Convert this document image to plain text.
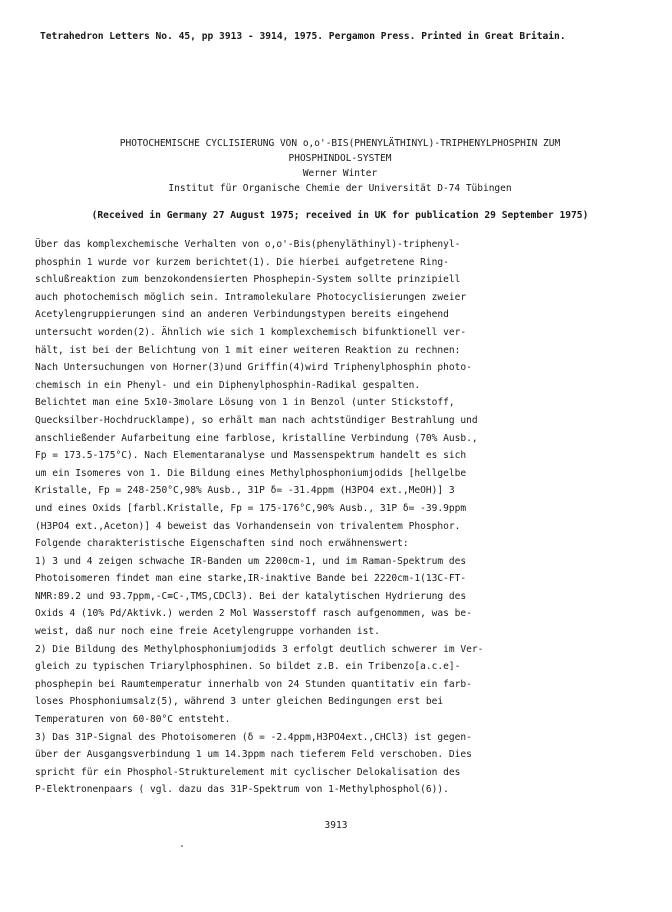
Tetrahedron Letters No. 45, pp 3913 - 3914, 1975. Pergamon Press. Printed in Great Britain.
PHOTOCHEMISCHE CYCLISIERUNG VON o,o'-BIS(PHENYLÄTHINYL)-TRIPHENYLPHOSPHIN ZUM
PHOSPHINDOL-SYSTEM
Werner Winter
Institut für Organische Chemie der Universität D-74 Tübingen
(Received in Germany 27 August 1975; received in UK for publication 29 September 1975)
Über das komplexchemische Verhalten von o,o'-Bis(phenyläthinyl)-triphenyl-
phosphin 1 wurde vor kurzem berichtet(1). Die hierbei aufgetretene Ring-
schlußreaktion zum benzokondensierten Phosphepin-System sollte prinzipiell
auch photochemisch möglich sein. Intramolekulare Photocyclisierungen zweier
Acetylengruppierungen sind an anderen Verbindungstypen bereits eingehend
untersucht worden(2). Ähnlich wie sich 1 komplexchemisch bifunktionell ver-
hält, ist bei der Belichtung von 1 mit einer weiteren Reaktion zu rechnen:
Nach Untersuchungen von Horner(3)und Griffin(4)wird Triphenylphosphin photo-
chemisch in ein Phenyl- und ein Diphenylphosphin-Radikal gespalten.
Belichtet man eine 5x10-3molare Lösung von 1 in Benzol (unter Stickstoff,
Quecksilber-Hochdrucklampe), so erhält man nach achtstündiger Bestrahlung und
anschließender Aufarbeitung eine farblose, kristalline Verbindung (70% Ausb.,
Fp = 173.5-175°C). Nach Elementaranalyse und Massenspektrum handelt es sich
um ein Isomeres von 1. Die Bildung eines Methylphosphoniumjodids [hellgelbe
Kristalle, Fp = 248-250°C,98% Ausb., 31P δ= -31.4ppm (H3PO4 ext.,MeOH)] 3
und eines Oxids [farbl.Kristalle, Fp = 175-176°C,90% Ausb., 31P δ= -39.9ppm
(H3PO4 ext.,Aceton)] 4 beweist das Vorhandensein von trivalentem Phosphor.
Folgende charakteristische Eigenschaften sind noch erwähnenswert:
1) 3 und 4 zeigen schwache IR-Banden um 2200cm-1, und im Raman-Spektrum des
Photoisomeren findet man eine starke,IR-inaktive Bande bei 2220cm-1(13C-FT-
NMR:89.2 und 93.7ppm,-C≡C-,TMS,CDCl3). Bei der katalytischen Hydrierung des
Oxids 4 (10% Pd/Aktivk.) werden 2 Mol Wasserstoff rasch aufgenommen, was be-
weist, daß nur noch eine freie Acetylengruppe vorhanden ist.
2) Die Bildung des Methylphosphoniumjodids 3 erfolgt deutlich schwerer im Ver-
gleich zu typischen Triarylphosphinen. So bildet z.B. ein Tribenzo[a.c.e]-
phosphepin bei Raumtemperatur innerhalb von 24 Stunden quantitativ ein farb-
loses Phosphoniumsalz(5), während 3 unter gleichen Bedingungen erst bei
Temperaturen von 60-80°C entsteht.
3) Das 31P-Signal des Photoisomeren (δ = -2.4ppm,H3PO4ext.,CHCl3) ist gegen-
über der Ausgangsverbindung 1 um 14.3ppm nach tieferem Feld verschoben. Dies
spricht für ein Phosphol-Strukturelement mit cyclischer Delokalisation des
P-Elektronenpaars ( vgl. dazu das 31P-Spektrum von 1-Methylphosphol(6)).
3913
